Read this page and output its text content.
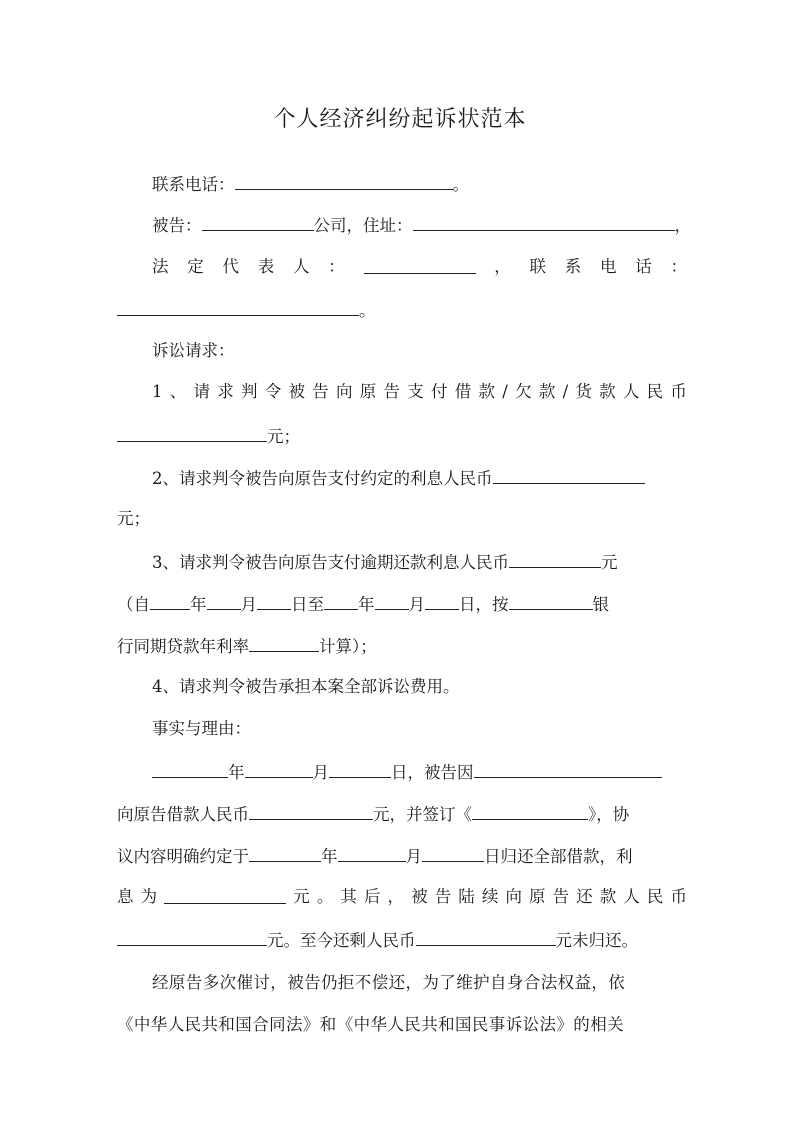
个人经济纠纷起诉状范本
联系电话：	。
被告：	公司，住址：	，
法 定 代 表 人 ：	， 联 系 电 话 ：
。
诉讼请求：
1 、 请 求 判 令 被 告 向 原 告 支 付 借 款 / 欠 款 / 货 款 人 民 币
元；
2、请求判令被告向原告支付约定的利息人民币
元；
3、请求判令被告向原告支付逾期还款利息人民币	元
（自 年 月 日至 年 月 日，按	银
行同期贷款年利率	计算）；
4、请求判令被告承担本案全部诉讼费用。
事实与理由：
年	月	日，被告因
向原告借款人民币	元，并签订《	》，协
议内容明确约定于	年	月	日归还全部借款，利
息 为	元 。 其 后 ， 被 告 陆 续 向 原 告 还 款 人 民 币
元。至今还剩人民币	元未归还。
经原告多次催讨，被告仍拒不偿还，为了维护自身合法权益，依
《中华人民共和国合同法》和《中华人民共和国民事诉讼法》的相关
